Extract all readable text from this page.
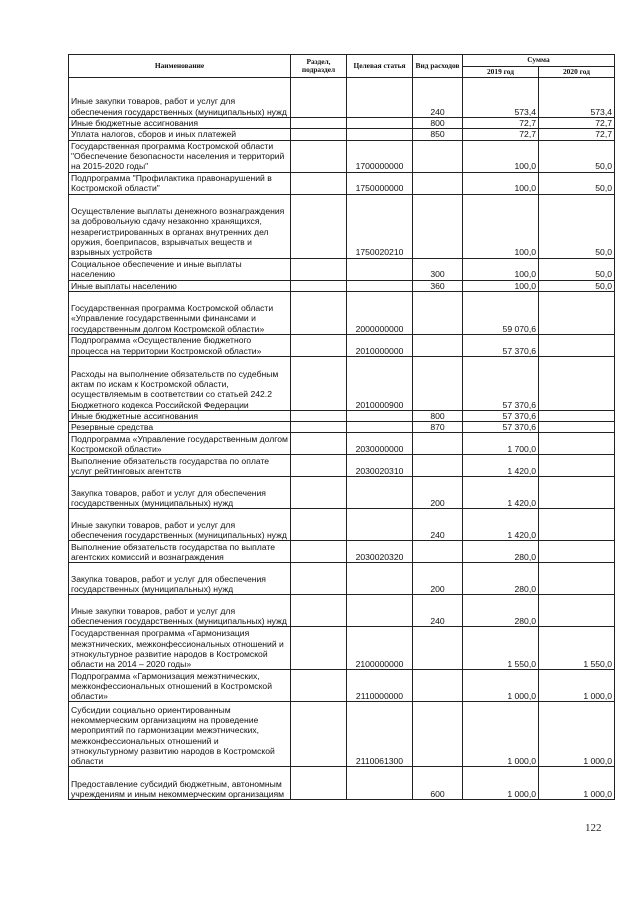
Наименование	Раздел, подраздел	Целевая статья	Вид расходов	Сумма	
				2019 год	2020 год
Иные закупки товаров, работ и услуг для обеспечения государственных (муниципальных) нужд			240	573,4	573,4
Иные бюджетные ассигнования			800	72,7	72,7
Уплата налогов, сборов и иных платежей			850	72,7	72,7
Государственная программа Костромской области "Обеспечение безопасности населения и территорий на 2015-2020 годы"		1700000000		100,0	50,0
Подпрограмма "Профилактика правонарушений в Костромской области"		1750000000		100,0	50,0
Осуществление выплаты денежного вознаграждения за добровольную сдачу незаконно хранящихся, незарегистрированных в органах внутренних дел оружия, боеприпасов, взрывчатых веществ и взрывных устройств		1750020210		100,0	50,0
Социальное обеспечение и иные выплаты населению			300	100,0	50,0
Иные выплаты населению			360	100,0	50,0
Государственная программа Костромской области «Управление государственными финансами и государственным долгом Костромской области»		2000000000		59 070,6	
Подпрограмма «Осуществление бюджетного процесса на территории Костромской области»		2010000000		57 370,6	
Расходы на выполнение обязательств по судебным актам по искам к Костромской области, осуществляемым в соответствии со статьей 242.2 Бюджетного кодекса Российской Федерации		2010000900		57 370,6	
Иные бюджетные ассигнования			800	57 370,6	
Резервные средства			870	57 370,6	
Подпрограмма «Управление государственным долгом Костромской области»		2030000000		1 700,0	
Выполнение обязательств государства по оплате услуг рейтинговых агентств		2030020310		1 420,0	
Закупка товаров, работ и услуг для обеспечения государственных (муниципальных) нужд			200	1 420,0	
Иные закупки товаров, работ и услуг для обеспечения государственных (муниципальных) нужд			240	1 420,0	
Выполнение обязательств государства по выплате агентских комиссий и вознаграждения		2030020320		280,0	
Закупка товаров, работ и услуг для обеспечения государственных (муниципальных) нужд			200	280,0	
Иные закупки товаров, работ и услуг для обеспечения государственных (муниципальных) нужд			240	280,0	
Государственная программа «Гармонизация межэтнических, межконфессиональных отношений и этнокультурное развитие народов в Костромской области на 2014 – 2020 годы»		2100000000		1 550,0	1 550,0
Подпрограмма «Гармонизация межэтнических, межконфессиональных отношений в Костромской области»		2110000000		1 000,0	1 000,0
Субсидии социально ориентированным некоммерческим организациям на проведение мероприятий по гармонизации межэтнических, межконфессиональных отношений и этнокультурному развитию народов в Костромской области		2110061300		1 000,0	1 000,0
Предоставление субсидий бюджетным, автономным учреждениям и иным некоммерческим организациям			600	1 000,0	1 000,0
122
